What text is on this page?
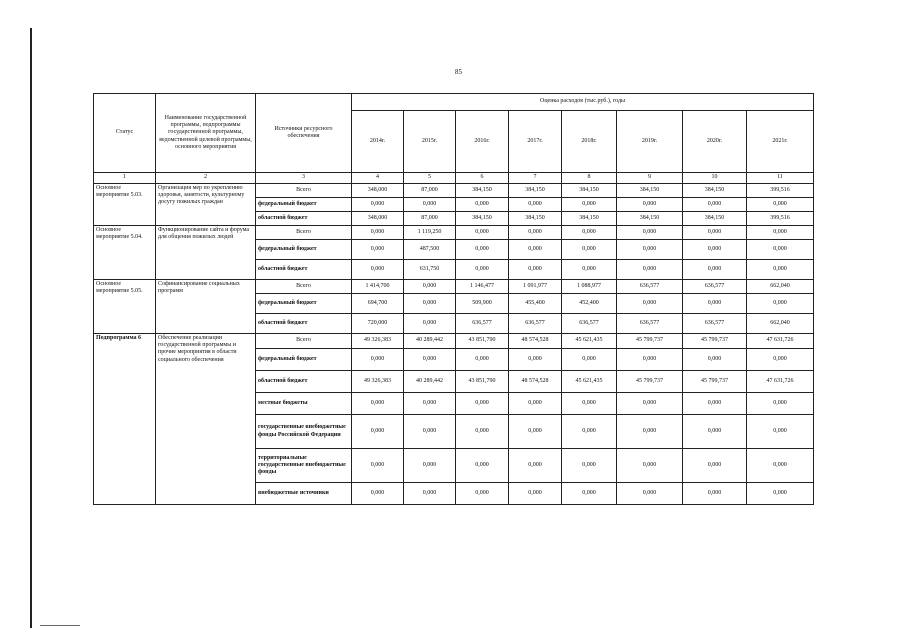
85
Статус	Наименование государственной программы, подпрограммы государственной программы, ведомственной целевой программы, основного мероприятия	Источники ресурсного обеспечения	Оценка расходов (тыс.руб.), годы							
			2014г.	2015г.	2016г.	2017г.	2018г.	2019г.	2020г.	2021г.
1	2	3	4	5	6	7	8	9	10	11
Основное мероприятие 5.03.	Организация мер по укреплению здоровья, занятости, культурному досугу пожилых граждан	Всего	348,000	87,000	384,150	384,150	384,150	384,150	384,150	399,516
		федеральный бюджет	0,000	0,000	0,000	0,000	0,000	0,000	0,000	0,000
		областной бюджет	348,000	87,000	384,150	384,150	384,150	384,150	384,150	399,516
Основное мероприятие 5.04.	Функционирование сайта и форума для общения пожилых людей	Всего	0,000	1 119,250	0,000	0,000	0,000	0,000	0,000	0,000
		федеральный бюджет	0,000	487,500	0,000	0,000	0,000	0,000	0,000	0,000
		областной бюджет	0,000	631,750	0,000	0,000	0,000	0,000	0,000	0,000
Основное мероприятие 5.05.	Софинансирование социальных программ	Всего	1 414,700	0,000	1 146,477	1 091,977	1 088,977	636,577	636,577	662,040
		федеральный бюджет	694,700	0,000	509,900	455,400	452,400	0,000	0,000	0,000
		областной бюджет	720,000	0,000	636,577	636,577	636,577	636,577	636,577	662,040
Подпрограмма 6	Обеспечение реализации государственной программы и прочие мероприятия в области социального обеспечения	Всего	49 326,383	40 289,442	43 851,790	48 574,528	45 621,435	45 799,737	45 799,737	47 631,726
		федеральный бюджет	0,000	0,000	0,000	0,000	0,000	0,000	0,000	0,000
		областной бюджет	49 326,383	40 289,442	43 851,790	48 574,528	45 621,435	45 799,737	45 799,737	47 631,726
		местные бюджеты	0,000	0,000	0,000	0,000	0,000	0,000	0,000	0,000
		государственные внебюджетные фонды Российской Федерации	0,000	0,000	0,000	0,000	0,000	0,000	0,000	0,000
		территориальные государственные внебюджетные фонды	0,000	0,000	0,000	0,000	0,000	0,000	0,000	0,000
		внебюджетные источники	0,000	0,000	0,000	0,000	0,000	0,000	0,000	0,000
